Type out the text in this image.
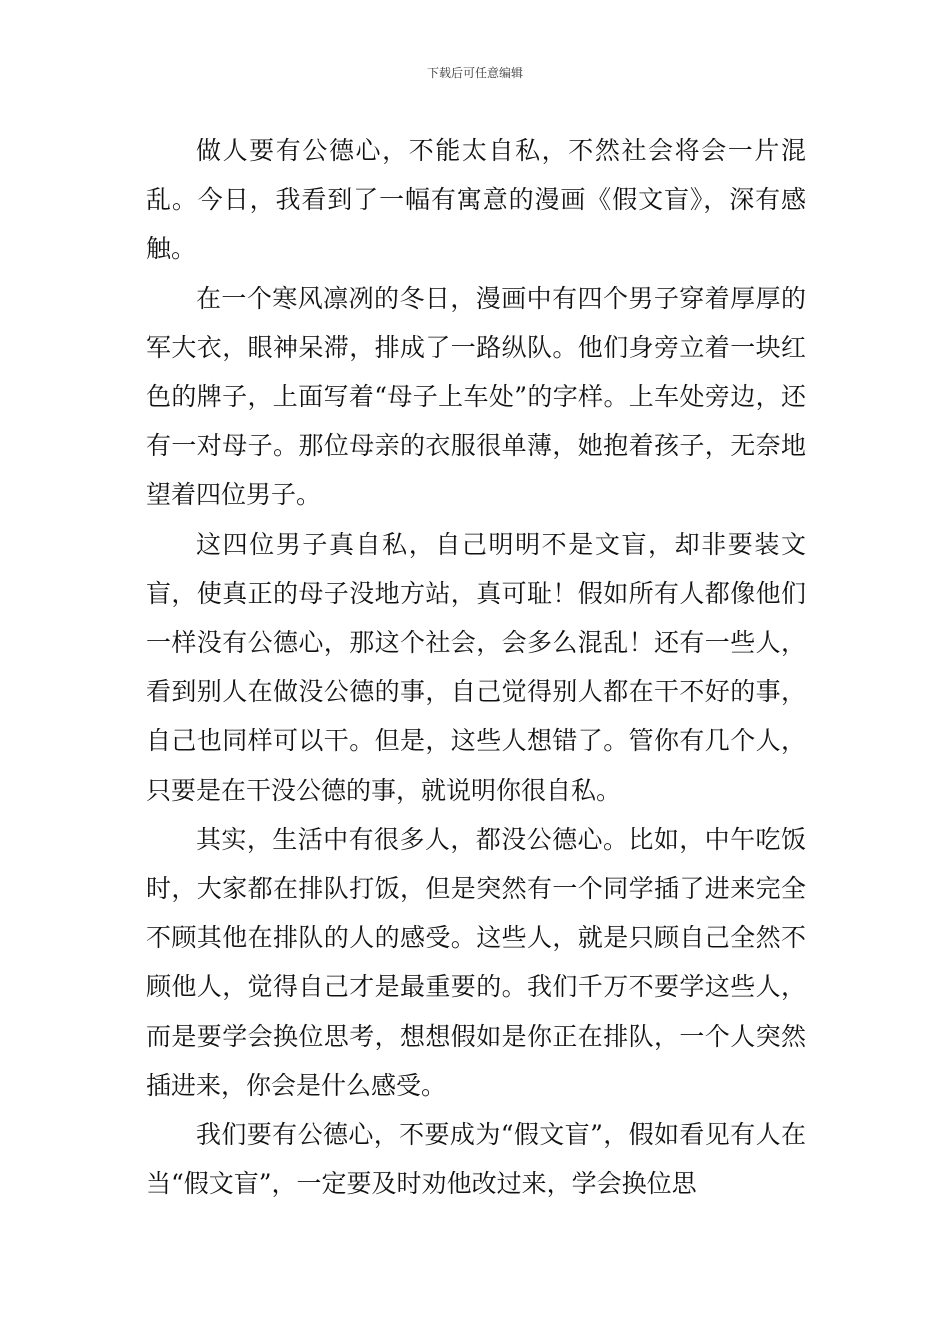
下载后可任意编辑

做人要有公德心，不能太自私，不然社会将会一片混乱。今日，我看到了一幅有寓意的漫画《假文盲》，深有感触。

在一个寒风凛冽的冬日，漫画中有四个男子穿着厚厚的军大衣，眼神呆滞，排成了一路纵队。他们身旁立着一块红色的牌子，上面写着“母子上车处”的字样。上车处旁边，还有一对母子。那位母亲的衣服很单薄，她抱着孩子，无奈地望着四位男子。

这四位男子真自私，自己明明不是文盲，却非要装文盲，使真正的母子没地方站，真可耻！假如所有人都像他们一样没有公德心，那这个社会，会多么混乱！还有一些人，看到别人在做没公德的事，自己觉得别人都在干不好的事，自己也同样可以干。但是，这些人想错了。管你有几个人，只要是在干没公德的事，就说明你很自私。

其实，生活中有很多人，都没公德心。比如，中午吃饭时，大家都在排队打饭，但是突然有一个同学插了进来完全不顾其他在排队的人的感受。这些人，就是只顾自己全然不顾他人，觉得自己才是最重要的。我们千万不要学这些人，而是要学会换位思考，想想假如是你正在排队，一个人突然插进来，你会是什么感受。

我们要有公德心，不要成为“假文盲”，假如看见有人在当“假文盲”，一定要及时劝他改过来，学会换位思
